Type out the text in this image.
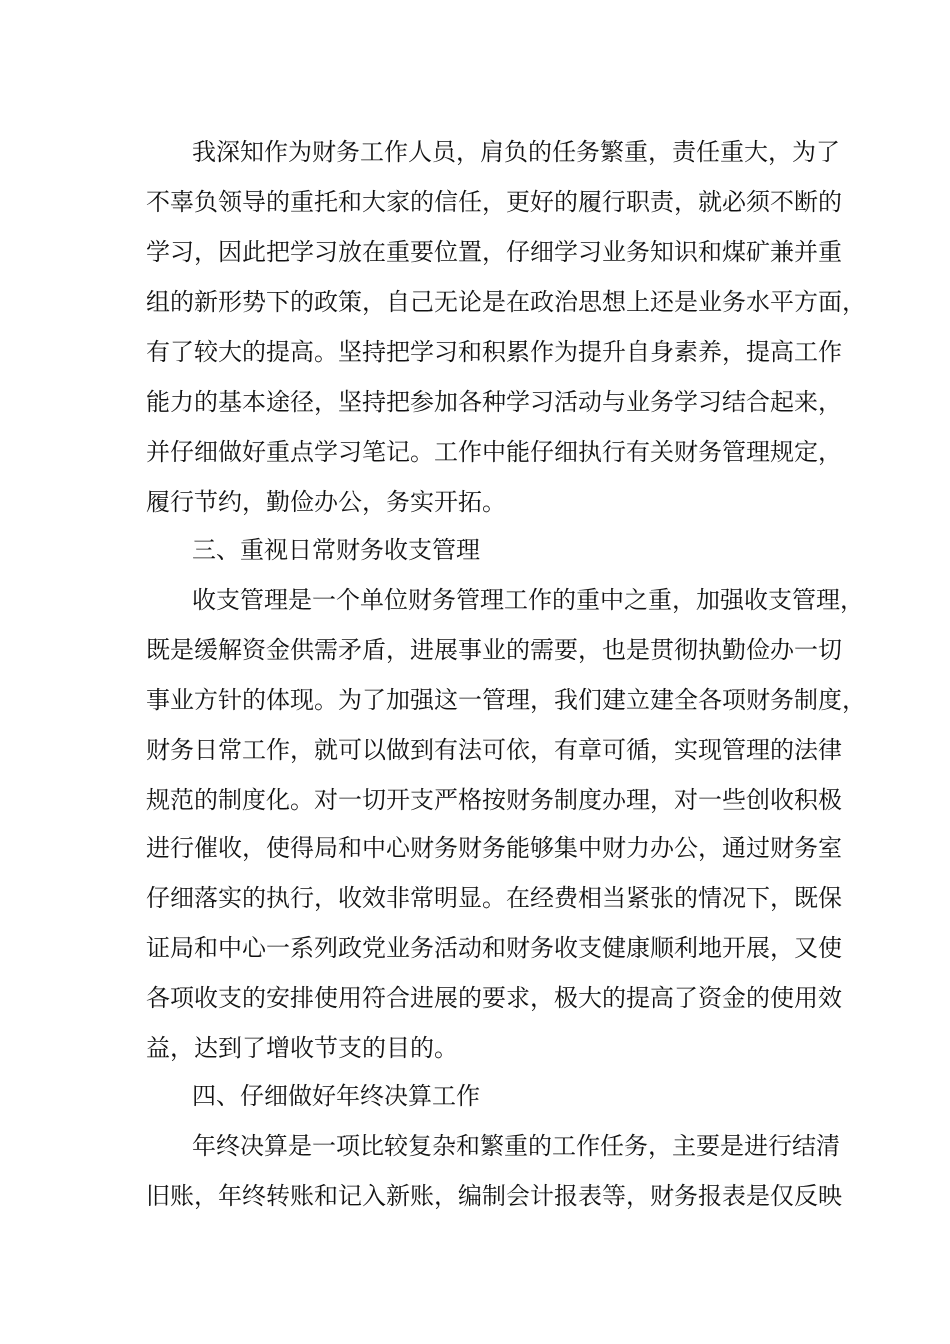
我深知作为财务工作人员，肩负的任务繁重，责任重大，为了

不辜负领导的重托和大家的信任，更好的履行职责，就必须不断的

学习，因此把学习放在重要位置，仔细学习业务知识和煤矿兼并重

组的新形势下的政策，自己无论是在政治思想上还是业务水平方面，

有了较大的提高。坚持把学习和积累作为提升自身素养，提高工作

能力的基本途径，坚持把参加各种学习活动与业务学习结合起来，

并仔细做好重点学习笔记。工作中能仔细执行有关财务管理规定，

履行节约，勤俭办公，务实开拓。

三、重视日常财务收支管理

收支管理是一个单位财务管理工作的重中之重，加强收支管理，

既是缓解资金供需矛盾，进展事业的需要，也是贯彻执勤俭办一切

事业方针的体现。为了加强这一管理，我们建立建全各项财务制度，

财务日常工作，就可以做到有法可依，有章可循，实现管理的法律

规范的制度化。对一切开支严格按财务制度办理，对一些创收积极

进行催收，使得局和中心财务财务能够集中财力办公，通过财务室

仔细落实的执行，收效非常明显。在经费相当紧张的情况下，既保

证局和中心一系列政党业务活动和财务收支健康顺利地开展，又使

各项收支的安排使用符合进展的要求，极大的提高了资金的使用效

益，达到了增收节支的目的。

四、仔细做好年终决算工作

年终决算是一项比较复杂和繁重的工作任务，主要是进行结清

旧账，年终转账和记入新账，编制会计报表等，财务报表是仅反映
